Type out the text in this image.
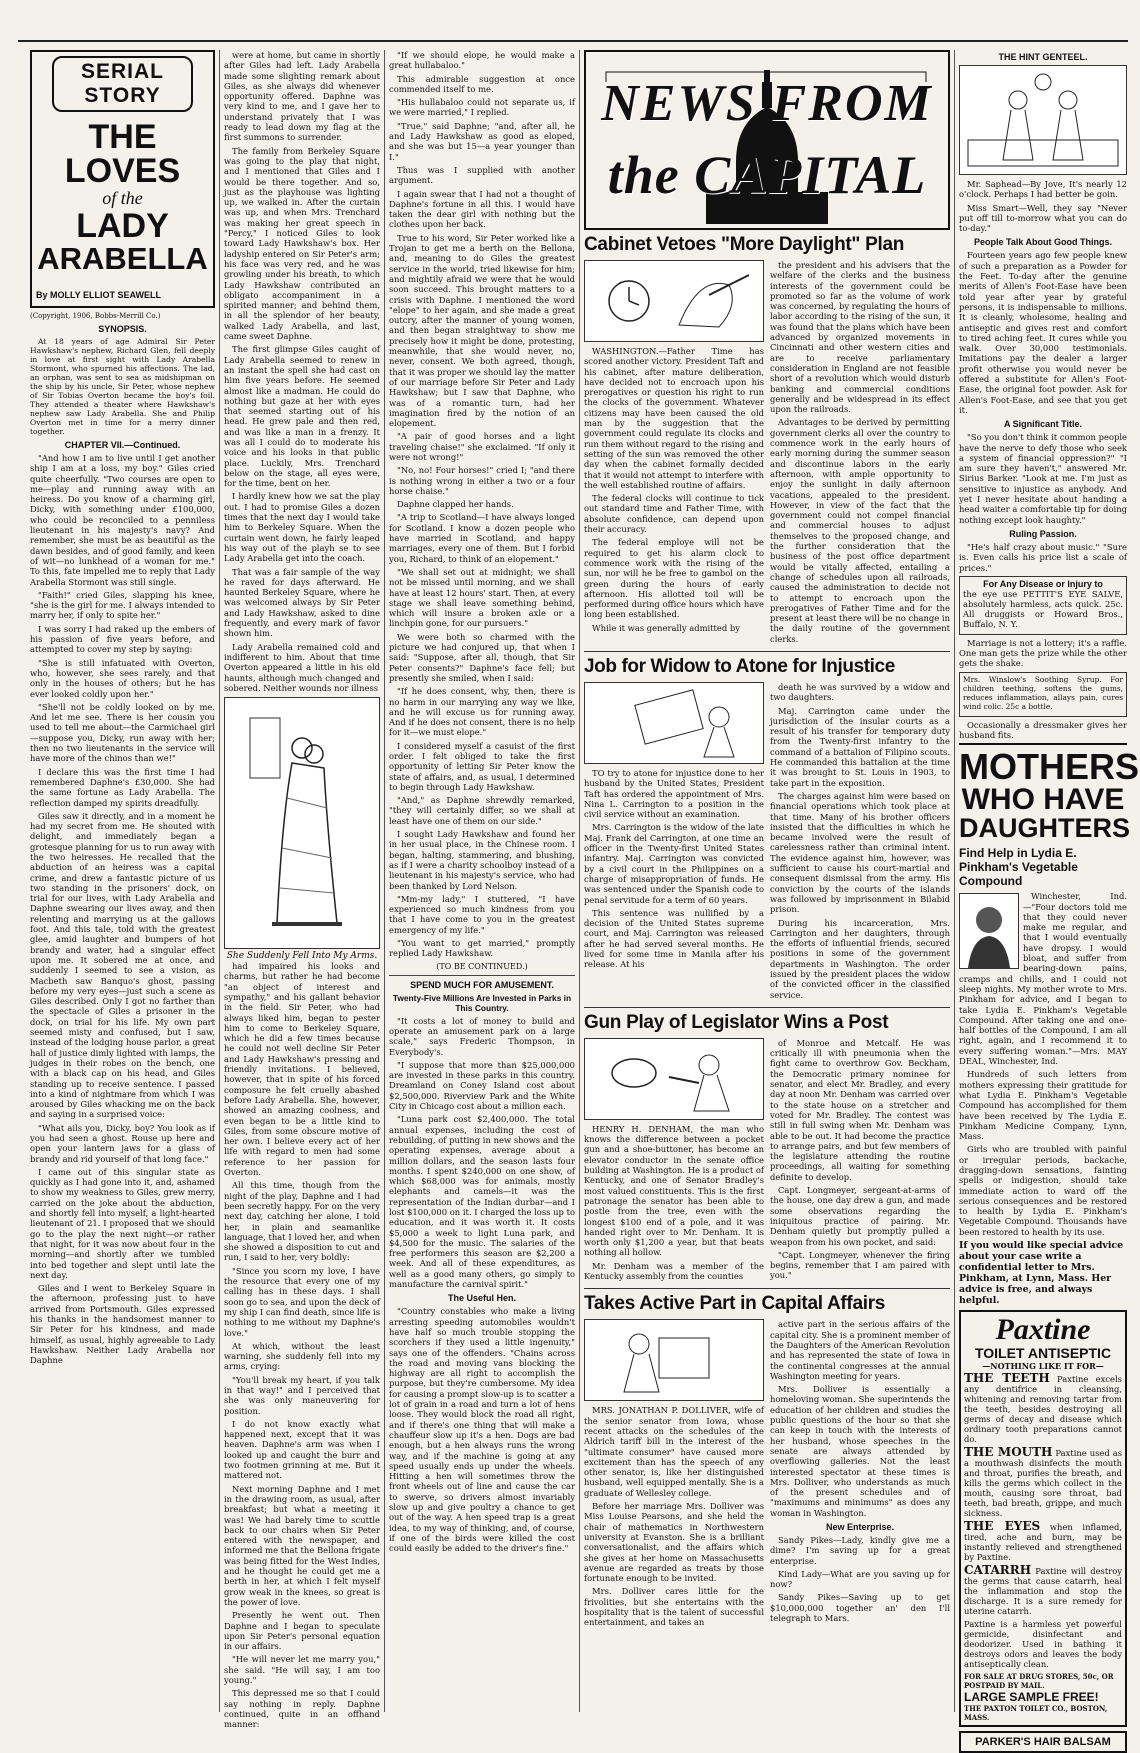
SERIAL STORY
THE LOVES
of the
LADY
ARABELLA
By MOLLY ELLIOT SEAWELL
(Copyright, 1906, Bobbs-Merrill Co.)
SYNOPSIS.

At 18 years of age Admiral Sir Peter Hawkshaw's nephew, Richard Glen, fell deeply in love at first sight with Lady Arabella Stormont, who spurned his affections. The lad, an orphan, was sent to sea as midshipman on the ship by his uncle, Sir Peter, whose nephew of Sir Tobias Overton became the boy's foil. They attended a theater where Hawkshaw's nephew saw Lady Arabella. She and Philip Overton met in time for a merry dinner together.

CHAPTER VII.—Continued.

"And how I am to live until I get another ship I am at a loss, my boy." Giles cried quite cheerfully. "Two courses are open to me—play and running away with an heiress. Do you know of a charming girl, Dicky, with something under £100,000, who could be reconciled to a penniless lieutenant in his majesty's navy? And remember, she must be as beautiful as the dawn besides, and of good family, and keen of wit—no lunkhead of a woman for me." To this, fate impelled me to reply that Lady Arabella Stormont was still single.

"Faith!" cried Giles, slapping his knee, "she is the girl for me. I always intended to marry her, if only to spite her."

I was sorry I had raked up the embers of his passion of five years before, and attempted to cover my step by saying:

"She is still infatuated with Overton, who, however, she sees rarely, and that only in the houses of others; but he has ever looked coldly upon her."

"She'll not be coldly looked on by me. And let me see. There is her cousin you used to tell me about—the Carmichael girl—suppose you, Dicky, run away with her; then no two lieutenants in the service will have more of the chinos than we!"

I declare this was the first time I had remembered Daphne's £30,000. She had the same fortune as Lady Arabella. The reflection damped my spirits dreadfully.

Giles saw it directly, and in a moment he had my secret from me. He shouted with delight, and immediately began a grotesque planning for us to run away with the two heiresses. He recalled that the abduction of an heiress was a capital crime, and drew a fantastic picture of us two standing in the prisoners' dock, on trial for our lives, with Lady Arabella and Daphne swearing our lives away, and then relenting and marrying us at the gallows foot. And this tale, told with the greatest glee, amid laughter and bumpers of hot brandy and water, had a singular effect upon me. It sobered me at once, and suddenly I seemed to see a vision, as Macbeth saw Banquo's ghost, passing before my very eyes—just such a scene as Giles described. Only I got no farther than the spectacle of Giles a prisoner in the dock, on trial for his life. My own part seemed misty and confused, but I saw, instead of the lodging house parlor, a great hall of justice dimly lighted with lamps, the judges in their robes on the bench, one with a black cap on his head, and Giles standing up to receive sentence. I passed into a kind of nightmare from which I was aroused by Giles whacking me on the back and saying in a surprised voice:

"What ails you, Dicky, boy? You look as if you had seen a ghost. Rouse up here and open your lantern jaws for a glass of brandy and rid yourself of that long face."

I came out of this singular state as quickly as I had gone into it, and, ashamed to show my weakness to Giles, grew merry, carried on the joke about the abduction, and shortly fell into myself, a light-hearted lieutenant of 21. I proposed that we should go to the play the next night—or rather that night, for it was now about four in the morning—and shortly after we tumbled into bed together and slept until late the next day.

Giles and I went to Berkeley Square in the afternoon, professing just to have arrived from Portsmouth. Giles expressed his thanks in the handsomest manner to Sir Peter for his kindness, and made himself, as usual, highly agreeable to Lady Hawkshaw. Neither Lady Arabella nor Daphne

were at home, but came in shortly after Giles had left. Lady Arabella made some slighting remark about Giles, as she always did whenever opportunity offered. Daphne was very kind to me, and I gave her to understand privately that I was ready to lead down my flag at the first summons to surrender.

The family from Berkeley Square was going to the play that night, and I mentioned that Giles and I would be there together. And so, just as the playhouse was lighting up, we walked in. After the curtain was up, and when Mrs. Trenchard was making her great speech in "Percy," I noticed Giles to look toward Lady Hawkshaw's box. Her ladyship entered on Sir Peter's arm; his face was very red, and he was growling under his breath, to which Lady Hawkshaw contributed an obligato accompaniment in a spirited manner; and behind them, in all the splendor of her beauty, walked Lady Arabella, and last, came sweet Daphne.

The first glimpse Giles caught of Lady Arabella seemed to renew in an instant the spell she had cast on him five years before. He seemed almost like a madman. He could do nothing but gaze at her with eyes that seemed starting out of his head. He grew pale and then red, and was like a man in a frenzy. It was all I could do to moderate his voice and his looks in that public place. Luckily, Mrs. Trenchard below on the stage, all eyes were, for the time, bent on her.

I hardly knew how we sat the play out. I had to promise Giles a dozen times that the next day I would take him to Berkeley Square. When the curtain went down, he fairly leaped his way out of the playh se to see Lady Arabella get into the coach.

That was a fair sample of the way he raved for days afterward. He haunted Berkeley Square, where he was welcomed always by Sir Peter and Lady Hawkshaw, asked to dine frequently, and every mark of favor shown him.

Lady Arabella remained cold and indifferent to him. About that time Overton appeared a little in his old haunts, although much changed and sobered. Neither wounds nor illness

She Suddenly Fell Into My Arms.

had impaired his looks and charms, but rather he had become "an object of interest and sympathy," and his gallant behavior in the field. Sir Peter, who had always liked him, began to pester him to come to Berkeley Square, which he did a few times because he could not well decline Sir Peter and Lady Hawkshaw's pressing and friendly invitations. I believed, however, that in spite of his forced composure he felt cruelly abashed before Lady Arabella. She, however, showed an amazing coolness, and even began to be a little kind to Giles, from some obscure motive of her own. I believe every act of her life with regard to men had some reference to her passion for Overton.

All this time, though from the night of the play, Daphne and I had been secretly happy. For on the very next day, catching her alone, I told her, in plain and seamanlike language, that I loved her, and when she showed a disposition to cut and run, I said to her, very boldly:

"Since you scorn my love, I have the resource that every one of my calling has in these days. I shall soon go to sea, and upon the deck of my ship I can find death, since life is nothing to me without my Daphne's love."

At which, without the least warning, she suddenly fell into my arms, crying:

"You'll break my heart, if you talk in that way!" and I perceived that she was only maneuvering for position.

I do not know exactly what happened next, except that it was heaven. Daphne's arm was when I looked up and caught the burr and two footmen grinning at me. But it mattered not.

Next morning Daphne and I met in the drawing room, as usual, after breakfast; but what a meeting it was! We had barely time to scuttle back to our chairs when Sir Peter entered with the newspaper, and informed me that the Bellona frigate was being fitted for the West Indies, and he thought he could get me a berth in her, at which I felt myself grow weak in the knees, so great is the power of love.

Presently he went out. Then Daphne and I began to speculate upon Sir Peter's personal equation in our affairs.

"He will never let me marry you," she said. "He will say, I am too young."

This depressed me so that I could say nothing in reply. Daphne continued, quite in an offhand manner:

"If we should elope, he would make a great hullabaloo."

This admirable suggestion at once commended itself to me.

"His hullabaloo could not separate us, if we were married," I replied.

"True," said Daphne; "and, after all, he and Lady Hawkshaw as good as eloped, and she was but 15—a year younger than I."

Thus was I supplied with another argument.

I again swear that I had not a thought of Daphne's fortune in all this. I would have taken the dear girl with nothing but the clothes upon her back.

True to his word, Sir Peter worked like a Trojan to get me a berth on the Bellona, and, meaning to do Giles the greatest service in the world, tried likewise for him; and mightily afraid we were that he would soon succeed. This brought matters to a crisis with Daphne. I mentioned the word "elope" to her again, and she made a great outcry, after the manner of young women, and then began straightway to show me precisely how it might be done, protesting, meanwhile, that she would never, no, never, consent. We both agreed, though, that it was proper we should lay the matter of our marriage before Sir Peter and Lady Hawkshaw; but I saw that Daphne, who was of a romantic turn, had her imagination fired by the notion of an elopement.

"A pair of good horses and a light traveling chaise!" she exclaimed. "If only it were not wrong!"

"No, no! Four horses!" cried I; "and there is nothing wrong in either a two or a four horse chaise."

Daphne clapped her hands.

"A trip to Scotland—I have always longed for Scotland. I know a dozen people who have married in Scotland, and happy marriages, every one of them. But I forbid you, Richard, to think of an elopement."

"We shall set out at midnight; we shall not be missed until morning, and we shall have at least 12 hours' start. Then, at every stage we shall leave something behind, which will insure a broken axle or a linchpin gone, for our pursuers."

We were both so charmed with the picture we had conjured up, that when I said: "Suppose, after all, though, that Sir Peter consents?" Daphne's face fell; but presently she smiled, when I said:

"If he does consent, why, then, there is no harm in our marrying any way we like, and he will excuse us for running away. And if he does not consent, there is no help for it—we must elope."

I considered myself a casuist of the first order. I felt obliged to take the first opportunity of letting Sir Peter know the state of affairs, and, as usual, I determined to begin through Lady Hawkshaw.

"And," as Daphne shrewdly remarked, "they will certainly differ, so we shall at least have one of them on our side."

I sought Lady Hawkshaw and found her in her usual place, in the Chinese room. I began, halting, stammering, and blushing, as if I were a charity schoolboy instead of a lieutenant in his majesty's service, who had been thanked by Lord Nelson.

"Mm-my lady," I stuttered, "I have experienced so much kindness from you that I have come to you in the greatest emergency of my life."

"You want to get married," promptly replied Lady Hawkshaw.

(TO BE CONTINUED.)
SPEND MUCH FOR AMUSEMENT.
Twenty-Five Millions Are Invested in Parks in This Country.

"It costs a lot of money to build and operate an amusement park on a large scale," says Frederic Thompson, in Everybody's.

"I suppose that more than $25,000,000 are invested in these parks in this country. Dreamland on Coney Island cost about $2,500,000. Riverview Park and the White City in Chicago cost about a million each.

"Luna park cost $2,400,000. The total annual expenses, including the cost of rebuilding, of putting in new shows and the operating expenses, average about a million dollars, and the season lasts four months. I spent $240,000 on one show, of which $68,000 was for animals, mostly elephants and camels—it was the representation of the Indian durbar—and I lost $100,000 on it. I charged the loss up to education, and it was worth it. It costs $5,000 a week to light Luna park, and $4,500 for the music. The salaries of the free performers this season are $2,200 a week. And all of these expenditures, as well as a good many others, go simply to manufacture the carnival spirit."

The Useful Hen.

"Country constables who make a living arresting speeding automobiles wouldn't have half so much trouble stopping the scorchers if they used a little ingenuity," says one of the offenders. "Chains across the road and moving vans blocking the highway are all right to accomplish the purpose, but they're cumbersome. My idea for causing a prompt slow-up is to scatter a lot of grain in a road and turn a lot of hens loose. They would block the road all right, and if there's one thing that will make a chauffeur slow up it's a hen. Dogs are bad enough, but a hen always runs the wrong way, and if the machine is going at any speed usually ends up under the wheels. Hitting a hen will sometimes throw the front wheels out of line and cause the car to swerve, so drivers almost invariably slow up and give poultry a chance to get out of the way. A hen speed trap is a great idea, to my way of thinking, and, of course, if one of the birds were killed the cost could easily be added to the driver's fine."

NEWS FROM
the CAPITAL
Cabinet Vetoes "More Daylight" Plan

WASHINGTON.—Father Time has scored another victory. President Taft and his cabinet, after mature deliberation, have decided not to encroach upon his prerogatives or question his right to run the clocks of the government. Whatever citizens may have been caused the old man by the suggestion that the government could regulate its clocks and run them without regard to the rising and setting of the sun was removed the other day when the cabinet formally decided that it would not attempt to interfere with the well established routine of affairs.

The federal clocks will continue to tick out standard time and Father Time, with absolute confidence, can depend upon their accuracy.

The federal employe will not be required to get his alarm clock to commence work with the rising of the sun, nor will he be free to gambol on the green during the hours of early afternoon. His allotted toil will be performed during office hours which have long been established.

While it was generally admitted by

the president and his advisers that the welfare of the clerks and the business interests of the government could be promoted so far as the volume of work was concerned, by regulating the hours of labor according to the rising of the sun, it was found that the plans which have been advanced by organized movements in Cincinnati and other western cities and are to receive parliamentary consideration in England are not feasible short of a revolution which would disturb banking and commercial conditions generally and be widespread in its effect upon the railroads.

Advantages to be derived by permitting government clerks all over the country to commence work in the early hours of early morning during the summer season and discontinue labors in the early afternoon, with ample opportunity to enjoy the sunlight in daily afternoon vacations, appealed to the president. However, in view of the fact that the government could not compel financial and commercial houses to adjust themselves to the proposed change, and the further consideration that the business of the post office department would be vitally affected, entailing a change of schedules upon all railroads, caused the administration to decide not to attempt to encroach upon the prerogatives of Father Time and for the present at least there will be no change in the daily routine of the government clerks.

Job for Widow to Atone for Injustice

TO try to atone for injustice done to her husband by the United States, President Taft has ordered the appointment of Mrs. Nina L. Carrington to a position in the civil service without an examination.

Mrs. Carrington is the widow of the late Maj. Frank del Carrington, at one time an officer in the Twenty-first United States infantry. Maj. Carrington was convicted by a civil court in the Philippines on a charge of misappropriation of funds. He was sentenced under the Spanish code to penal servitude for a term of 60 years.

This sentence was nullified by a decision of the United States supreme court, and Maj. Carrington was released after he had served several months. He lived for some time in Manila after his release. At his

death he was survived by a widow and two daughters.

Maj. Carrington came under the jurisdiction of the insular courts as a result of his transfer for temporary duty from the Twenty-first infantry to the command of a battalion of Filipino scouts. He commanded this battalion at the time it was brought to St. Louis in 1903, to take part in the exposition.

The charges against him were based on financial operations which took place at that time. Many of his brother officers insisted that the difficulties in which he became involved were the result of carelessness rather than criminal intent. The evidence against him, however, was sufficient to cause his court-martial and consequent dismissal from the army. His conviction by the courts of the islands was followed by imprisonment in Bilabid prison.

During his incarceration, Mrs. Carrington and her daughters, through the efforts of influential friends, secured positions in some of the government departments in Washington. The order issued by the president places the widow of the convicted officer in the classified service.

Gun Play of Legislator Wins a Post

HENRY H. DENHAM, the man who knows the difference between a pocket gun and a shoe-buttoner, has become an elevator conductor in the senate office building at Washington. He is a product of Kentucky, and one of Senator Bradley's most valued constituents. This is the first patronage the senator has been able to postle from the tree, even with the longest $100 end of a pole, and it was handed right over to Mr. Denham. It is worth only $1,200 a year, but that beats nothing all hollow.

Mr. Denham was a member of the Kentucky assembly from the counties

of Monroe and Metcalf. He was critically ill with pneumonia when the fight came to overthrow Gov. Beckham, the Democratic primary nominee for senator, and elect Mr. Bradley, and every day at noon Mr. Denham was carried over to the state house on a stretcher and voted for Mr. Bradley. The contest was still in full swing when Mr. Denham was able to be out. It had become the practice to arrange pairs, and but few members of the legislature attending the routine proceedings, all waiting for something definite to develop.

Capt. Longmeyer, sergeant-at-arms of the house, one day drew a gun, and made some observations regarding the iniquitous practice of pairing. Mr. Denham quietly but promptly pulled a weapon from his own pocket, and said:

"Capt. Longmeyer, whenever the firing begins, remember that I am paired with you."

Takes Active Part in Capital Affairs

MRS. JONATHAN P. DOLLIVER, wife of the senior senator from Iowa, whose recent attacks on the schedules of the Aldrich tariff bill in the interest of the "ultimate consumer" have caused more excitement than has the speech of any other senator, is, like her distinguished husband, well equipped mentally. She is a graduate of Wellesley college.

Before her marriage Mrs. Dolliver was Miss Louise Pearsons, and she held the chair of mathematics in Northwestern university at Evanston. She is a brilliant conversationalist, and the affairs which she gives at her home on Massachusetts avenue are regarded as treats by those fortunate enough to be invited.

Mrs. Dolliver cares little for the frivolities, but she entertains with the hospitality that is the talent of successful entertainment, and takes an

active part in the serious affairs of the capital city. She is a prominent member of the Daughters of the American Revolution and has represented the state of Iowa in the continental congresses at the annual Washington meeting for years.

Mrs. Dolliver is essentially a homeloving woman. She superintends the education of her children and studies the public questions of the hour so that she can keep in touch with the interests of her husband, whose speeches in the senate are always attended by overflowing galleries. Not the least interested spectator at these times is Mrs. Dolliver, who understands as much of the present schedules and of "maximums and minimums" as does any woman in Washington.

New Enterprise.

Sandy Pikes—Lady, kindly give me a dime? I'm saving up for a great enterprise.

Kind Lady—What are you saving up for now?

Sandy Pikes—Saving up to get $10,000,000 together an' den I'll telegraph to Mars.

THE HINT GENTEEL.

Mr. Saphead—By Jove, It's nearly 12 o'clock. Perhaps I had better be goin.

Miss Smart—Well, they say "Never put off till to-morrow what you can do to-day."

People Talk About Good Things.

Fourteen years ago few people knew of such a preparation as a Powder for the Feet. To-day after the genuine merits of Allen's Foot-Ease have been told year after year by grateful persons, it is indispensable to millions. It is cleanly, wholesome, healing and antiseptic and gives rest and comfort to tired aching feet. It cures while you walk. Over 30,000 testimonials. Imitations pay the dealer a larger profit otherwise you would never be offered a substitute for Allen's Foot-Ease, the original foot powder. Ask for Allen's Foot-Ease, and see that you get it.

A Significant Title.

"So you don't think it common people have the nerve to defy those who seek a system of financial oppression?" "I am sure they haven't," answered Mr. Sirius Barker. "Look at me. I'm just as sensitive to injustice as anybody. And yet I never hesitate about handing a head waiter a comfortable tip for doing nothing except look haughty."

Ruling Passion.

"He's half crazy about music." "Sure is. Even calls his price list a scale of prices."

For Any Disease or Injury to

the eye use PETTIT'S EYE SALVE, absolutely harmless, acts quick. 25c. All druggists or Howard Bros., Buffalo, N. Y.

Marriage is not a lottery; it's a raffle. One man gets the prize while the other gets the shake.

Mrs. Winslow's Soothing Syrup. For children teething, softens the gums, reduces inflammation, allays pain, cures wind colic. 25c a bottle.

Occasionally a dressmaker gives her husband fits.

MOTHERS
WHO HAVE
DAUGHTERS
Find Help in Lydia E. Pinkham's Vegetable Compound

Winchester, Ind.—"Four doctors told me that they could never make me regular, and that I would eventually have dropsy. I would bloat, and suffer from bearing-down pains, cramps and chills, and I could not sleep nights. My mother wrote to Mrs. Pinkham for advice, and I began to take Lydia E. Pinkham's Vegetable Compound. After taking one and one-half bottles of the Compound, I am all right, again, and I recommend it to every suffering woman."—Mrs. MAY DEAL, Winchester, Ind.

Hundreds of such letters from mothers expressing their gratitude for what Lydia E. Pinkham's Vegetable Compound has accomplished for them have been received by The Lydia E. Pinkham Medicine Company, Lynn, Mass.

Girls who are troubled with painful or irregular periods, backache, dragging-down sensations, fainting spells or indigestion, should take immediate action to ward off the serious consequences and be restored to health by Lydia E. Pinkham's Vegetable Compound. Thousands have been restored to health by its use.

If you would like special advice about your case write a confidential letter to Mrs. Pinkham, at Lynn, Mass. Her advice is free, and always helpful.

Paxtine
TOILET ANTISEPTIC
—NOTHING LIKE IT FOR—

THE TEETH Paxtine excels any dentifrice in cleansing, whitening and removing tartar from the teeth, besides destroying all germs of decay and disease which ordinary tooth preparations cannot do.

THE MOUTH Paxtine used as a mouthwash disinfects the mouth and throat, purifies the breath, and kills the germs which collect in the mouth, causing sore throat, bad teeth, bad breath, grippe, and much sickness.

THE EYES when inflamed, tired, ache and burn, may be instantly relieved and strengthened by Paxtine.

CATARRH Paxtine will destroy the germs that cause catarrh, heal the inflammation and stop the discharge. It is a sure remedy for uterine catarrh.

Paxtine is a harmless yet powerful germicide, disinfectant and deodorizer. Used in bathing it destroys odors and leaves the body antiseptically clean.

FOR SALE AT DRUG STORES, 50c, OR POSTPAID BY MAIL.
LARGE SAMPLE FREE!
THE PAXTON TOILET CO., BOSTON, MASS.
PARKER'S HAIR BALSAM
